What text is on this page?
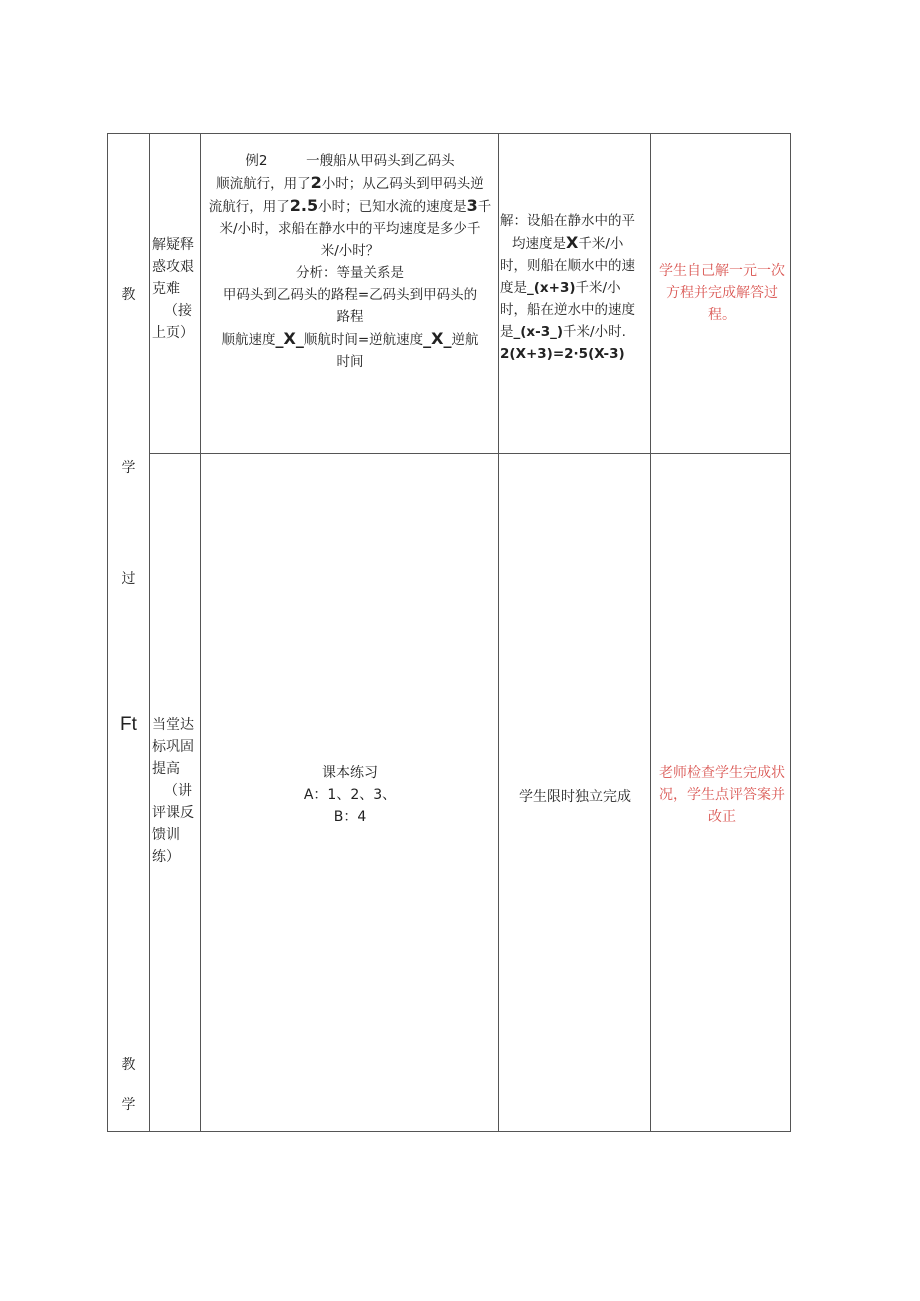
教
学
过
Ft
教
学
解疑释
惑攻艰
克难
（接
上页）
例2	一艘船从甲码头到乙码头
顺流航行，用了2小时；从乙码头到甲码头逆
流航行，用了2.5小时；已知水流的速度是3千
米/小时，求船在静水中的平均速度是多少千
米/小时？
分析：等量关系是
甲码头到乙码头的路程=乙码头到甲码头的
路程
顺航速度_X_顺航时间=逆航速度_X_逆航
时间
解：设船在静水中的平
均速度是X千米/小
时，则船在顺水中的速
度是_(x+3)千米/小
时，船在逆水中的速度
是_(x-3_)千米/小时.
2(X+3)=2·5(X-3)
学生自己解一元一次
方程并完成解答过
程。
当堂达
标巩固
提高
（讲
评课反
馈训
练）
课本练习
A：1、2、3、
B：4
学生限时独立完成
老师检查学生完成状
况，学生点评答案并
改正
